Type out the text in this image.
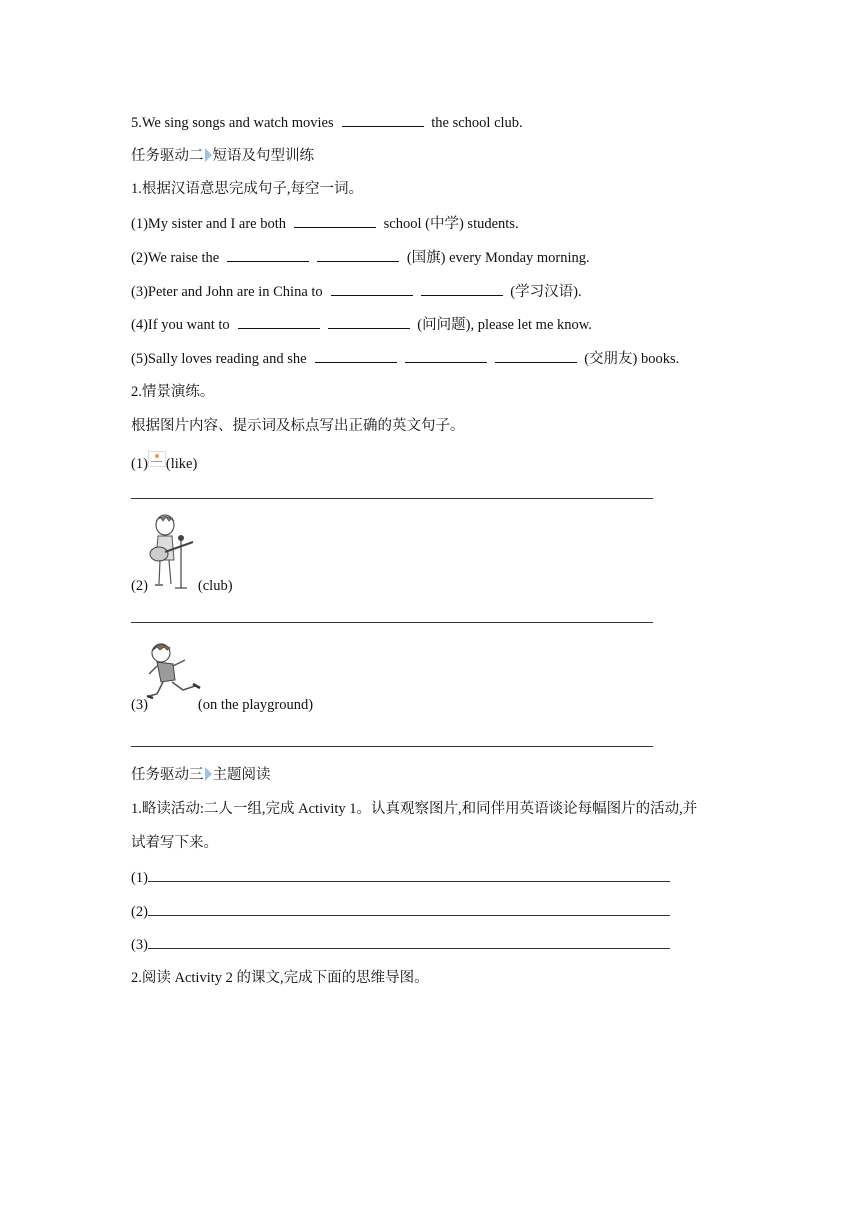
5.We sing songs and watch movies	the school club.
任务驱动二 短语及句型训练
1.根据汉语意思完成句子,每空一词。
(1)My sister and I are both	school (中学) students.
(2)We raise the	(国旗) every Monday morning.
(3)Peter and John are in China to	(学习汉语).
(4)If you want to	(问问题), please let me know.
(5)Sally loves reading and she	(交朋友) books.
2.情景演练。
根据图片内容、提示词及标点写出正确的英文句子。
(1) (like)
(2)	(club)
(3)	(on the playground)
任务驱动三 主题阅读
1.略读活动:二人一组,完成 Activity 1。认真观察图片,和同伴用英语谈论每幅图片的活动,并
试着写下来。
(1)
(2)
(3)
2.阅读 Activity 2 的课文,完成下面的思维导图。
